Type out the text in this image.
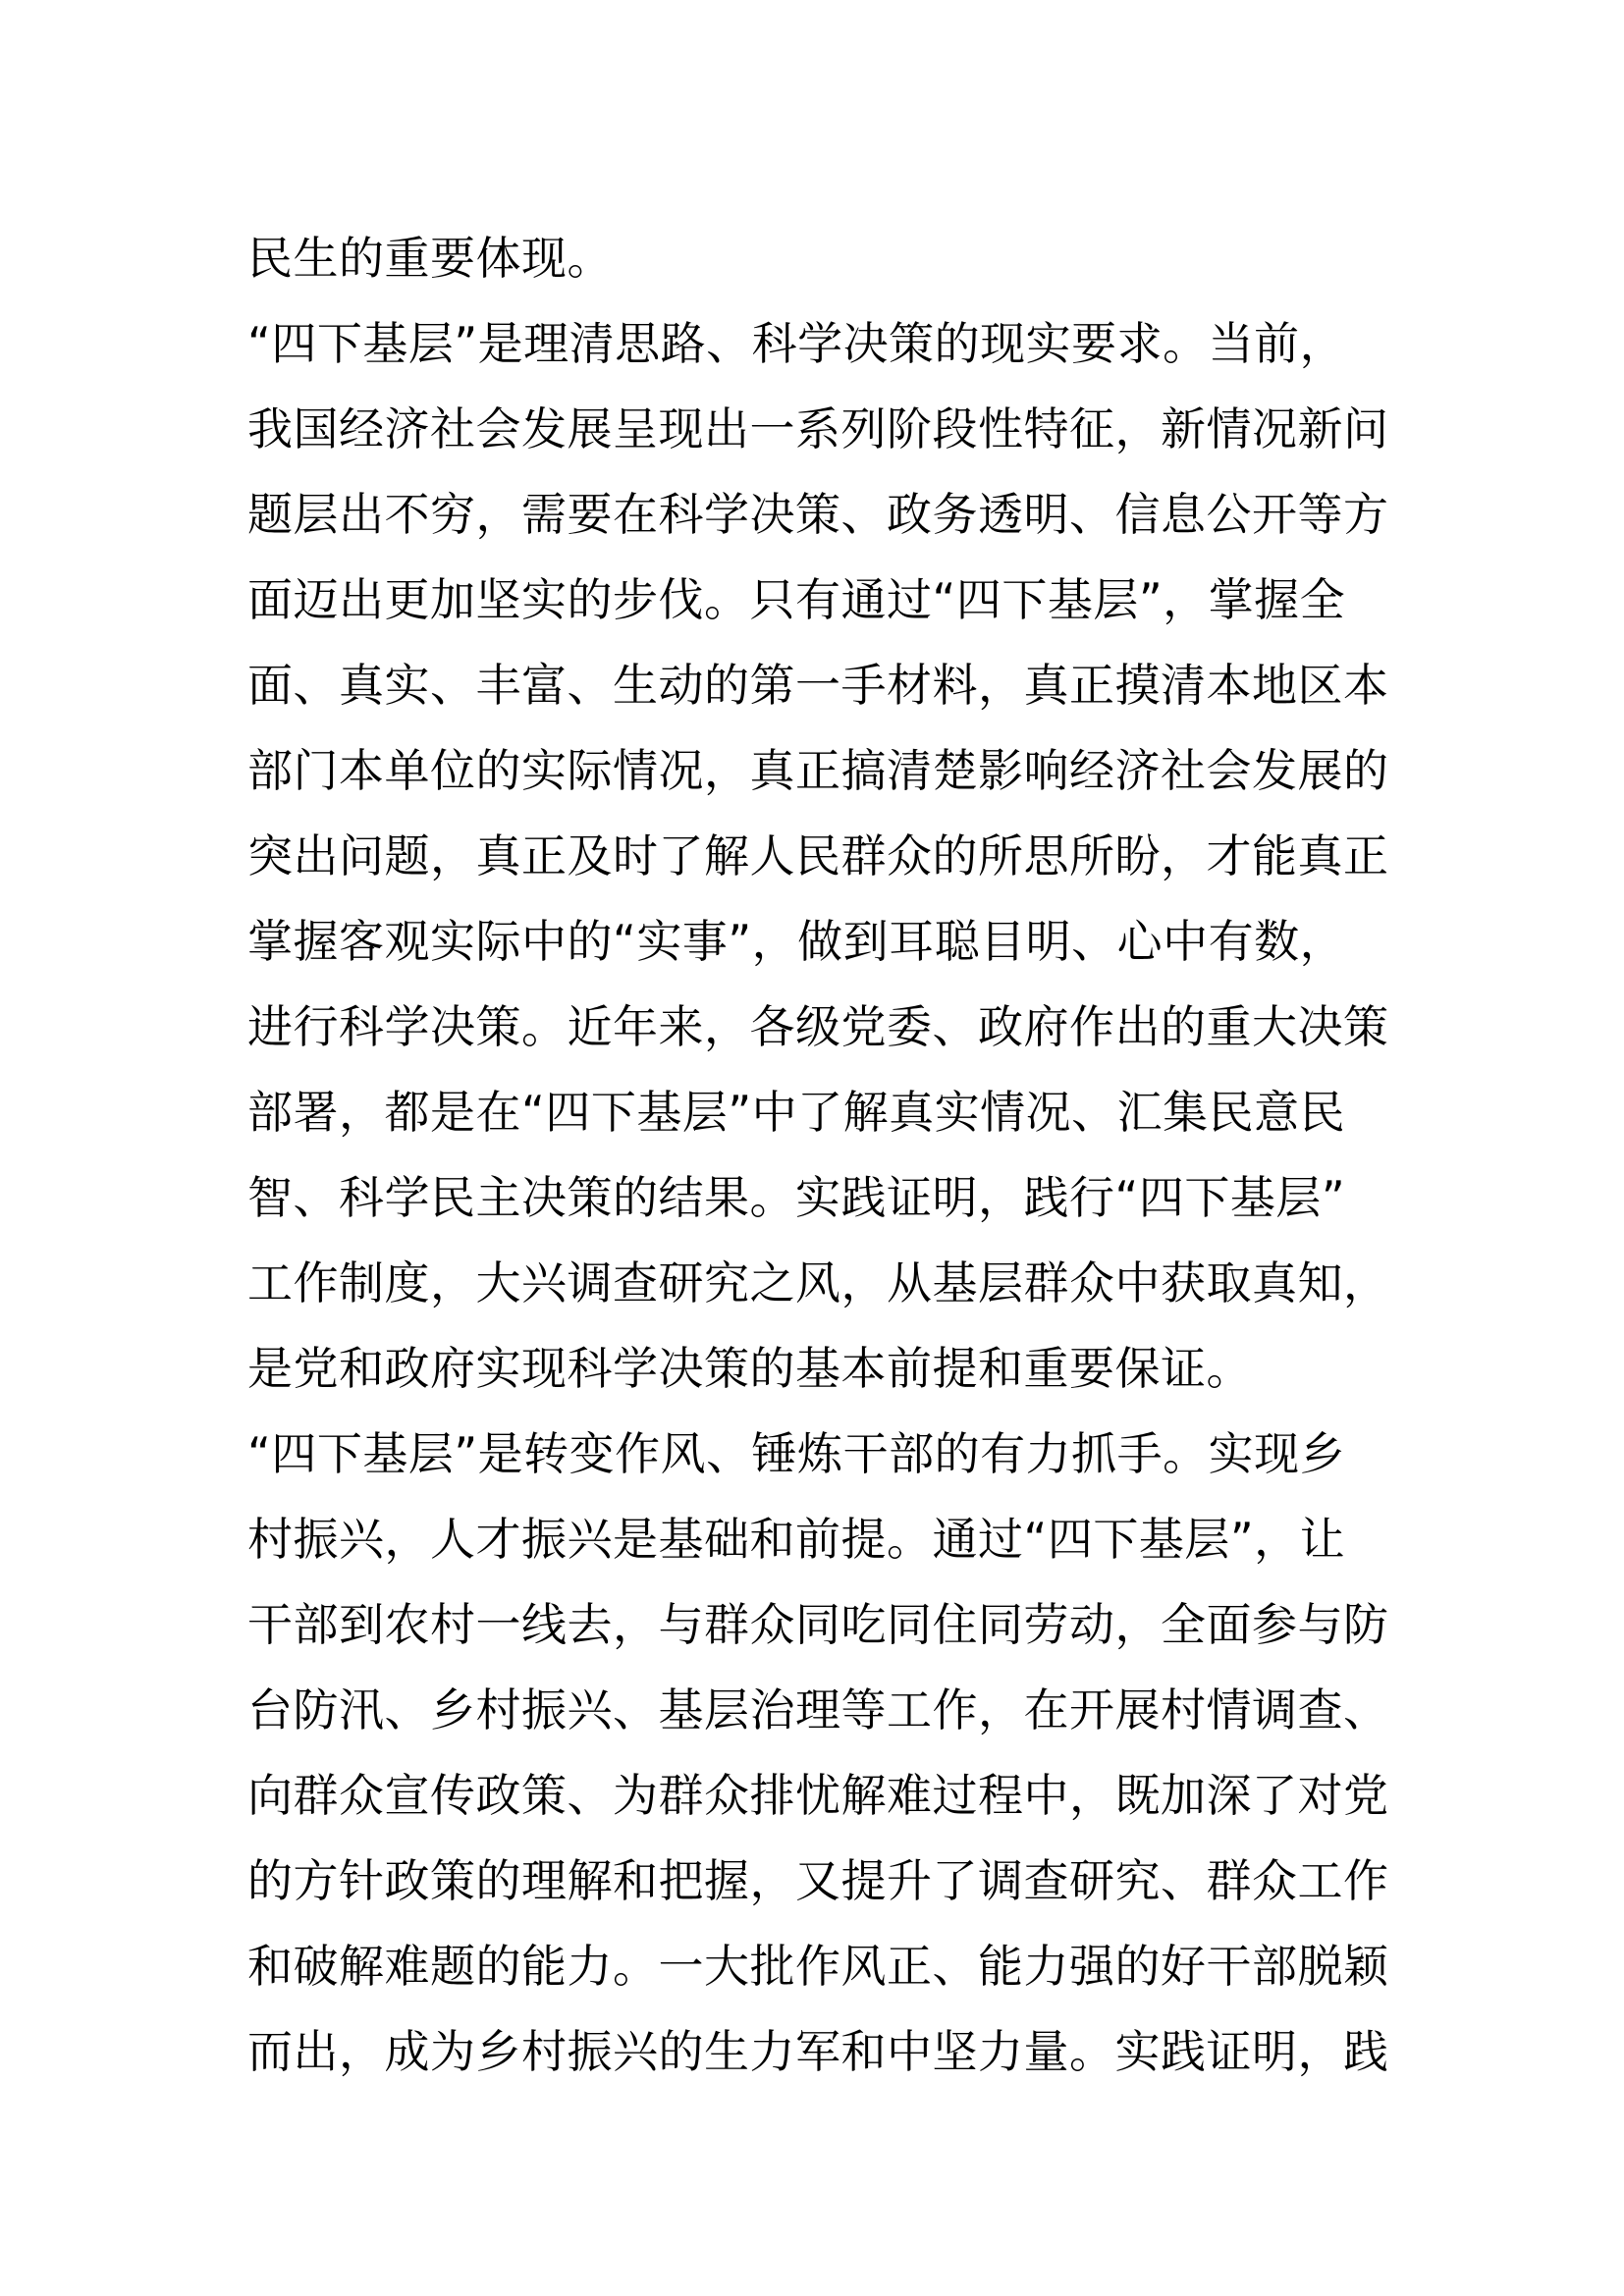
民生的重要体现。
“四下基层”是理清思路、科学决策的现实要求。当前，
我国经济社会发展呈现出一系列阶段性特征，新情况新问
题层出不穷，需要在科学决策、政务透明、信息公开等方
面迈出更加坚实的步伐。只有通过“四下基层”，掌握全
面、真实、丰富、生动的第一手材料，真正摸清本地区本
部门本单位的实际情况，真正搞清楚影响经济社会发展的
突出问题，真正及时了解人民群众的所思所盼，才能真正
掌握客观实际中的“实事”，做到耳聪目明、心中有数，
进行科学决策。近年来，各级党委、政府作出的重大决策
部署，都是在“四下基层”中了解真实情况、汇集民意民
智、科学民主决策的结果。实践证明，践行“四下基层”
工作制度，大兴调查研究之风，从基层群众中获取真知，
是党和政府实现科学决策的基本前提和重要保证。
“四下基层”是转变作风、锤炼干部的有力抓手。实现乡
村振兴，人才振兴是基础和前提。通过“四下基层”，让
干部到农村一线去，与群众同吃同住同劳动，全面参与防
台防汛、乡村振兴、基层治理等工作，在开展村情调查、
向群众宣传政策、为群众排忧解难过程中，既加深了对党
的方针政策的理解和把握，又提升了调查研究、群众工作
和破解难题的能力。一大批作风正、能力强的好干部脱颖
而出，成为乡村振兴的生力军和中坚力量。实践证明，践
